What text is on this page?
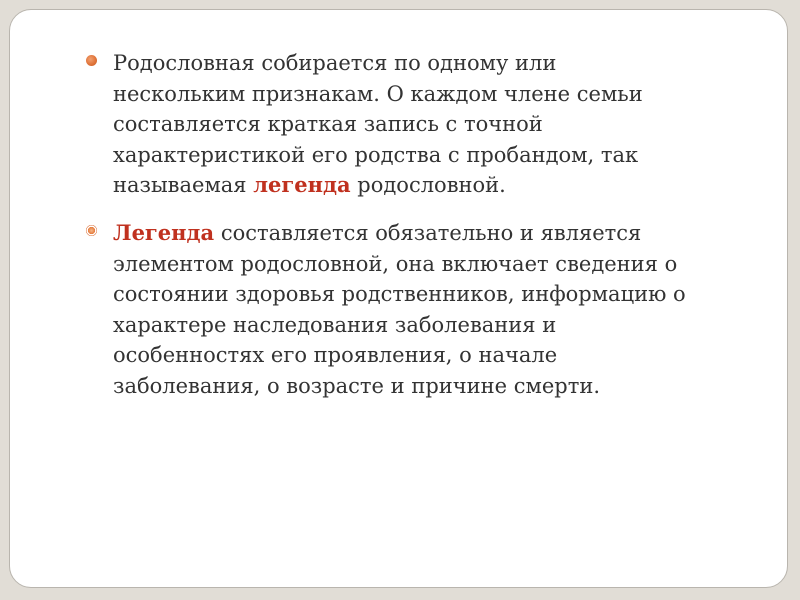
Родословная собирается по одному или
нескольким признакам. О каждом члене семьи
составляется краткая запись с точной
характеристикой его родства с пробандом, так
называемая легенда родословной.

Легенда составляется обязательно и является
элементом родословной, она включает сведения о
состоянии здоровья родственников, информацию о
характере наследования заболевания и
особенностях его проявления, о начале
заболевания, о возрасте и причине смерти.
